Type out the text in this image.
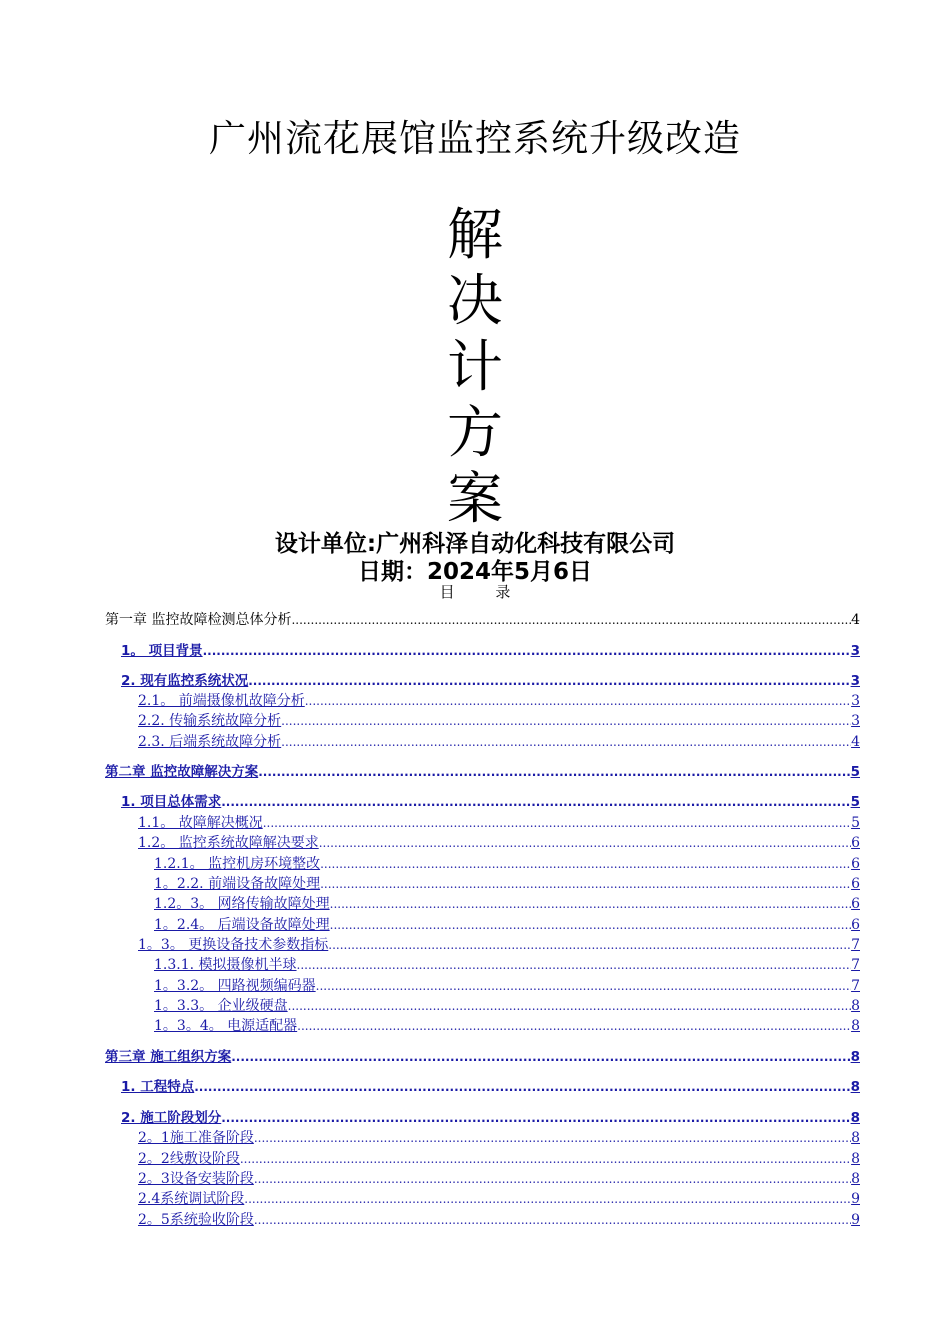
广州流花展馆监控系统升级改造
解
决
计
方
案
设计单位:广州科泽自动化科技有限公司
日期：2024年5月6日
目 录
第一章 监控故障检测总体分析 .....	4
1。 项目背景 .....	3
2. 现有监控系统状况 .....	3
2.1。 前端摄像机故障分析 .....	3
2.2. 传输系统故障分析 .....	3
2.3. 后端系统故障分析 .....	4
第二章 监控故障解决方案 .....	5
1. 项目总体需求 .....	5
1.1。 故障解决概况 .....	5
1.2。 监控系统故障解决要求 .....	6
1.2.1。 监控机房环境整改 .....	6
1。2.2. 前端设备故障处理 .....	6
1.2。3。 网络传输故障处理 .....	6
1。2.4。 后端设备故障处理 .....	6
1。3。 更换设备技术参数指标 .....	7
1.3.1. 模拟摄像机半球 .....	7
1。3.2。 四路视频编码器 .....	7
1。3.3。 企业级硬盘 .....	8
1。3。4。 电源适配器 .....	8
第三章 施工组织方案 .....	8
1. 工程特点 .....	8
2. 施工阶段划分 .....	8
2。1施工准备阶段 .....	8
2。2线敷设阶段 .....	8
2。3设备安装阶段 .....	8
2.4系统调试阶段 .....	9
2。5系统验收阶段 .....	9
